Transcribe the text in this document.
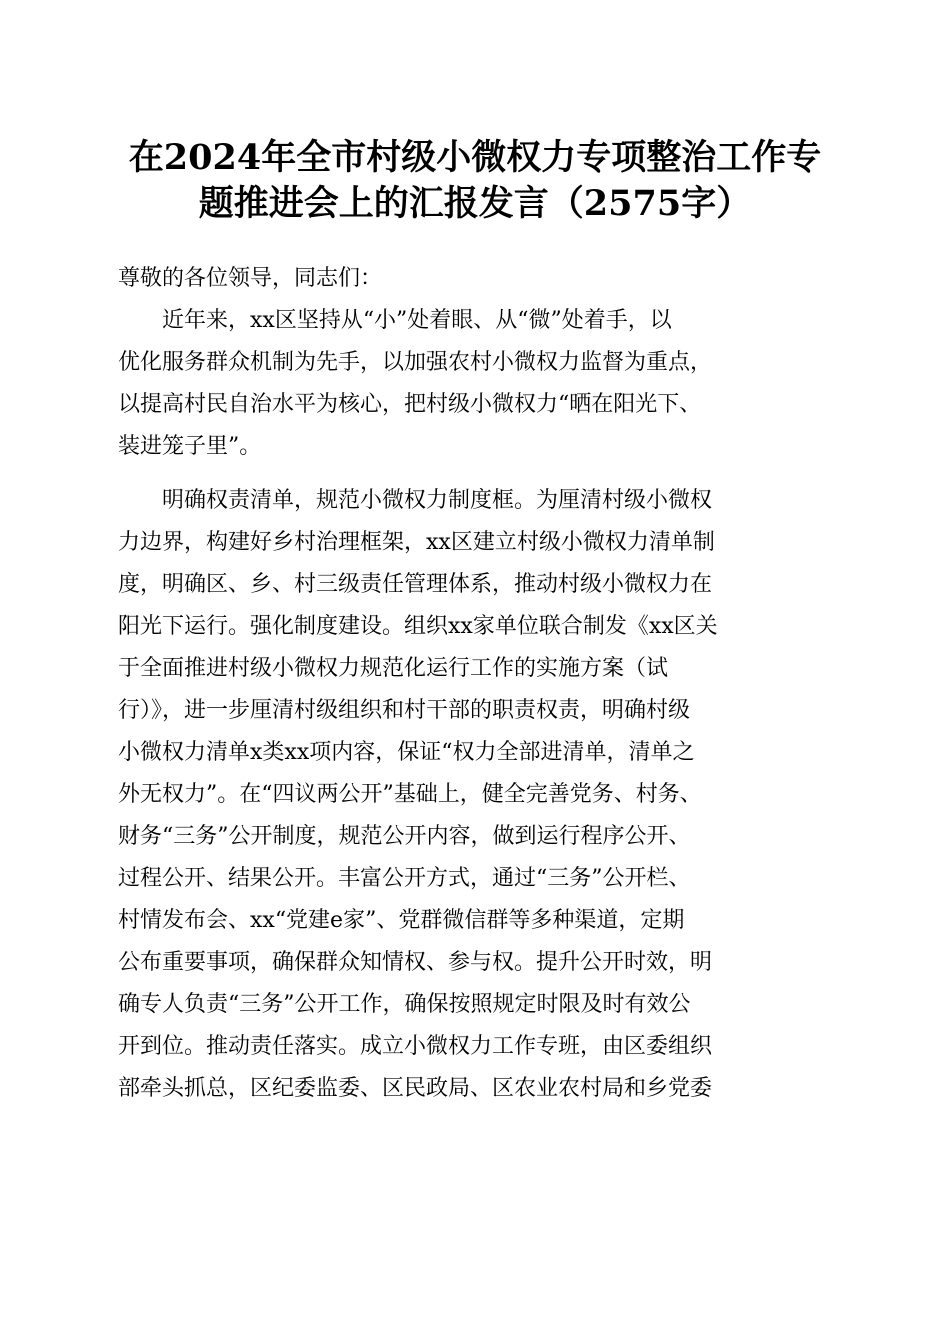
在2024年全市村级小微权力专项整治工作专
题推进会上的汇报发言（2575字）
尊敬的各位领导，同志们：
　　近年来，xx区坚持从“小”处着眼、从“微”处着手，以
优化服务群众机制为先手，以加强农村小微权力监督为重点，
以提高村民自治水平为核心，把村级小微权力“晒在阳光下、
装进笼子里”。
　　明确权责清单，规范小微权力制度框。为厘清村级小微权
力边界，构建好乡村治理框架，xx区建立村级小微权力清单制
度，明确区、乡、村三级责任管理体系，推动村级小微权力在
阳光下运行。强化制度建设。组织xx家单位联合制发《xx区关
于全面推进村级小微权力规范化运行工作的实施方案（试
行）》，进一步厘清村级组织和村干部的职责权责，明确村级
小微权力清单x类xx项内容，保证“权力全部进清单，清单之
外无权力”。在“四议两公开”基础上，健全完善党务、村务、
财务“三务”公开制度，规范公开内容，做到运行程序公开、
过程公开、结果公开。丰富公开方式，通过“三务”公开栏、
村情发布会、xx“党建e家”、党群微信群等多种渠道，定期
公布重要事项，确保群众知情权、参与权。提升公开时效，明
确专人负责“三务”公开工作，确保按照规定时限及时有效公
开到位。推动责任落实。成立小微权力工作专班，由区委组织
部牵头抓总，区纪委监委、区民政局、区农业农村局和乡党委
